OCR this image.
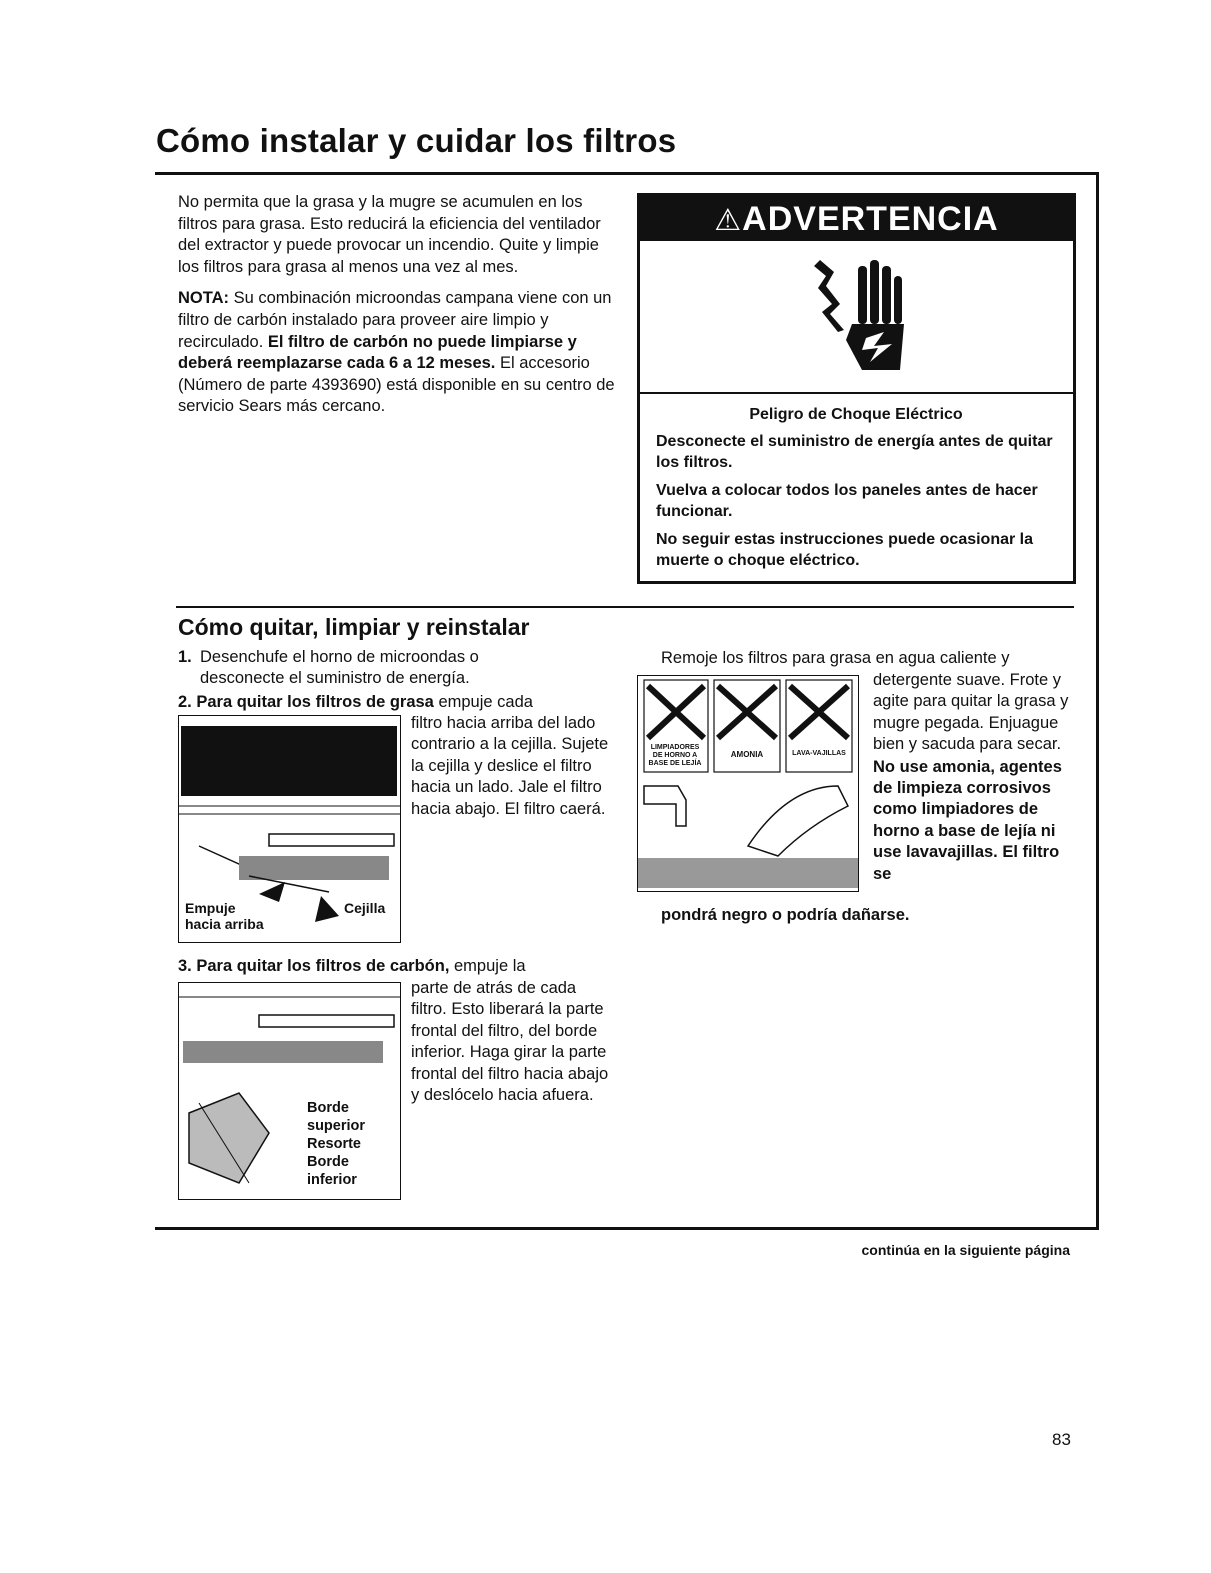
Cómo instalar y cuidar los filtros

No permita que la grasa y la mugre se acumulen en los filtros para grasa. Esto reducirá la eficiencia del ventilador del extractor y puede provocar un incendio. Quite y limpie los filtros para grasa al menos una vez al mes.

NOTA: Su combinación microondas campana viene con un filtro de carbón instalado para proveer aire limpio y recirculado. El filtro de carbón no puede limpiarse y deberá reemplazarse cada 6 a 12 meses. El accesorio (Número de parte 4393690) está disponible en su centro de servicio Sears más cercano.

⚠ADVERTENCIA
Peligro de Choque Eléctrico

Desconecte el suministro de energía antes de quitar los filtros.

Vuelva a colocar todos los paneles antes de hacer funcionar.

No seguir estas instrucciones puede ocasionar la muerte o choque eléctrico.

Cómo quitar, limpiar y reinstalar
1. Desenchufe el horno de microondas o desconecte el suministro de energía.
2. Para quitar los filtros de grasa empuje cada
filtro hacia arriba del lado contrario a la cejilla. Sujete la cejilla y deslice el filtro hacia un lado. Jale el filtro hacia abajo. El filtro caerá.
Empuje
hacia arriba
Cejilla
3. Para quitar los filtros de carbón, empuje la
parte de atrás de cada filtro. Esto liberará la parte frontal del filtro, del borde inferior. Haga girar la parte frontal del filtro hacia abajo y deslócelo hacia afuera.
Borde
superior
Resorte
Borde
inferior
Remoje los filtros para grasa en agua caliente y
LIMPIADORES DE HORNO A BASE DE LEJÍA
AMONIA	LAVA-VAJILLAS
detergente suave. Frote y agite para quitar la grasa y mugre pegada. Enjuague bien y sacuda para secar.
No use amonia, agentes de limpieza corrosivos como limpiadores de horno a base de lejía ni use lavavajillas. El filtro se
pondrá negro o podría dañarse.
continúa en la siguiente página
83
